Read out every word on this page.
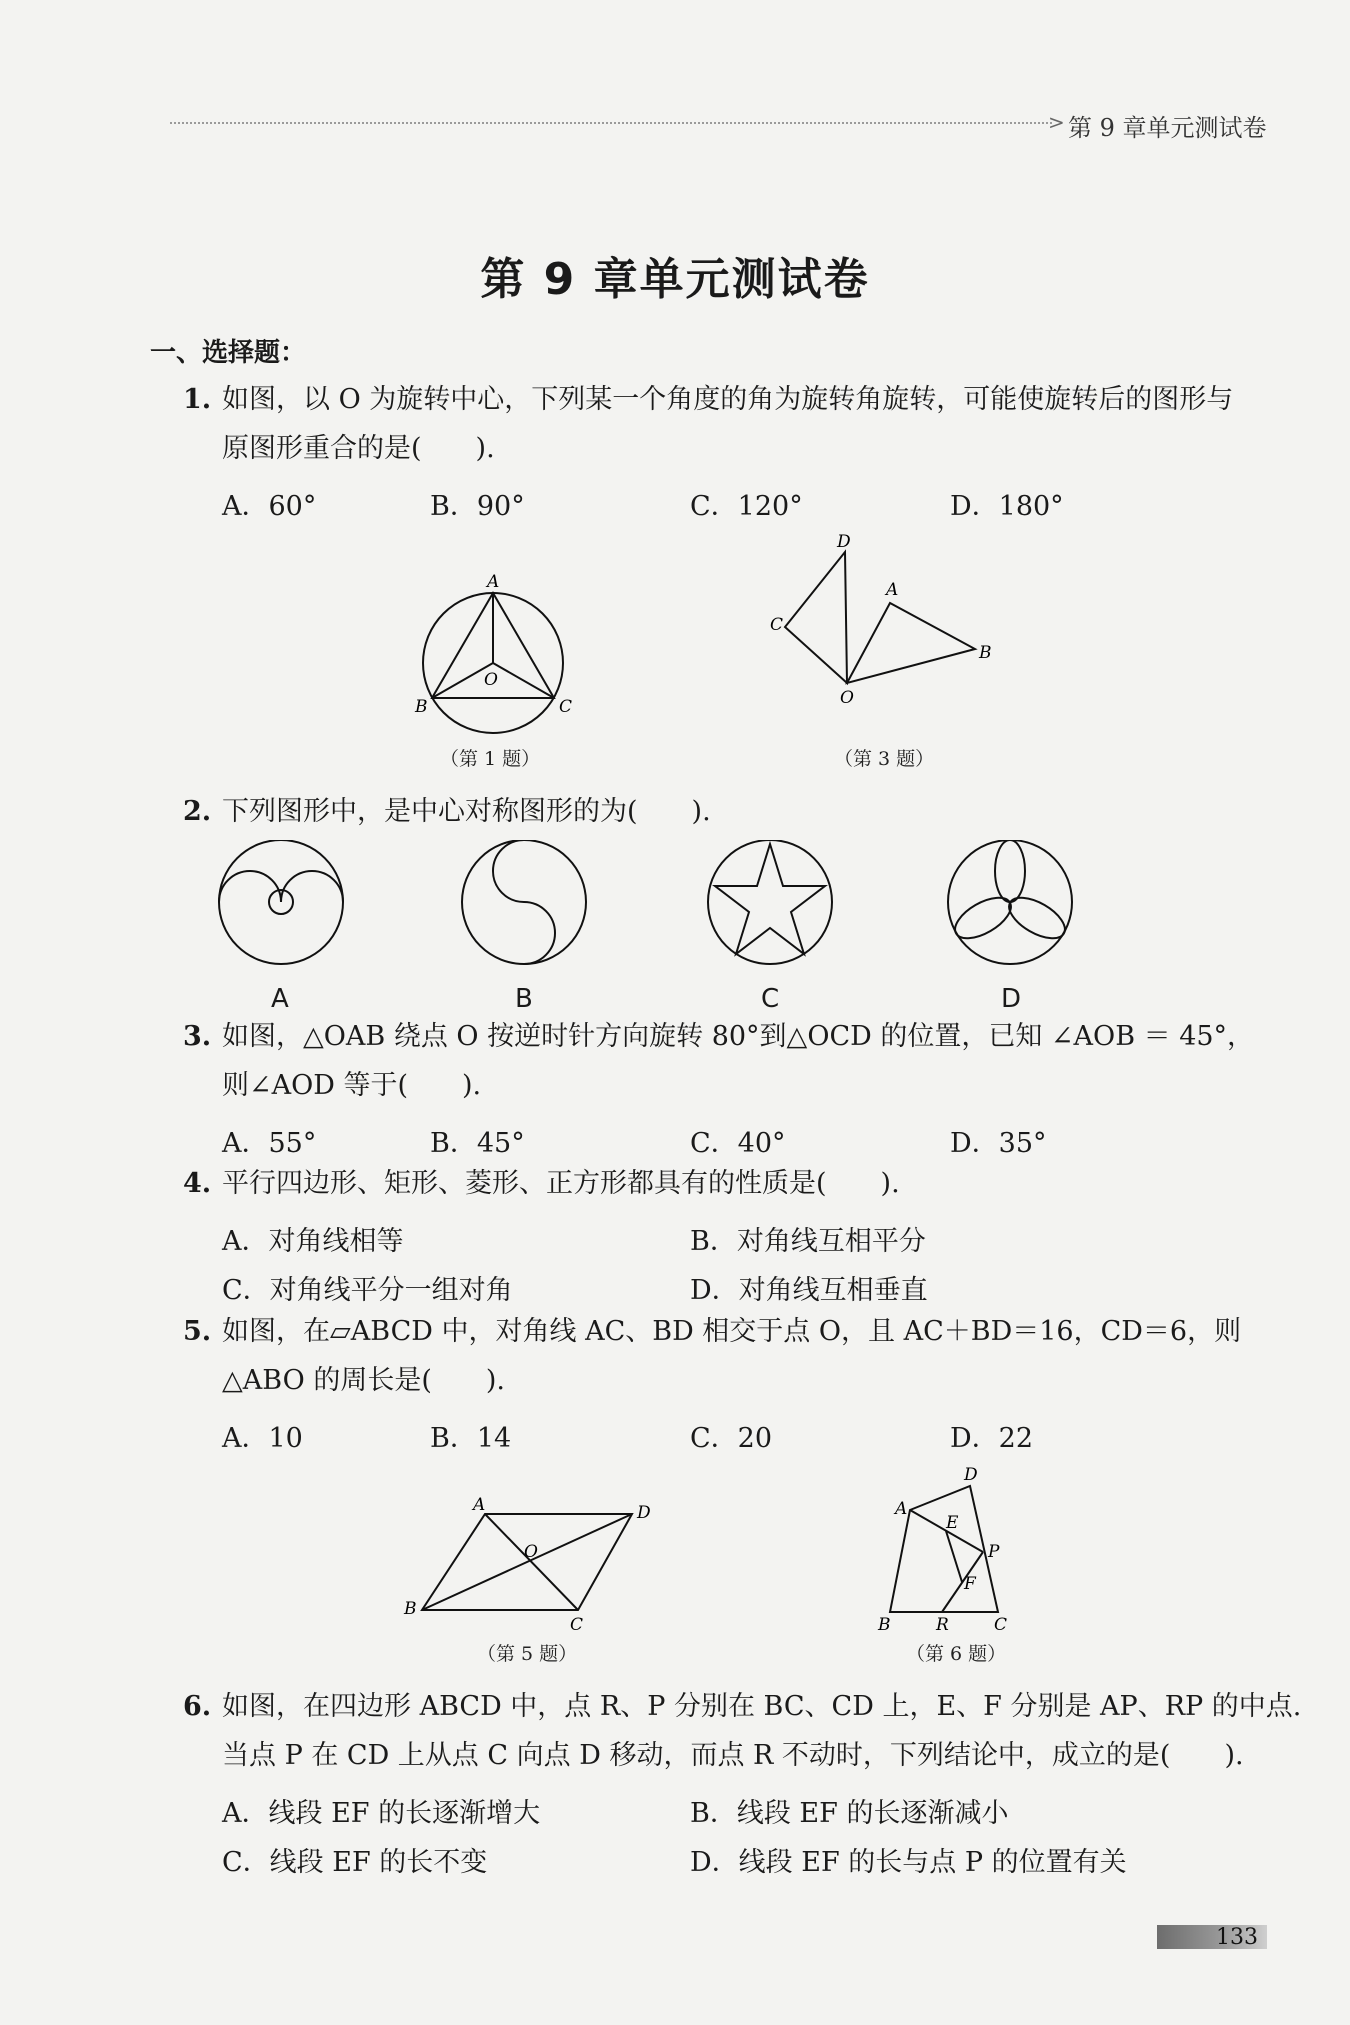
> 第 9 章单元测试卷
第 9 章单元测试卷
一、选择题：
1. 如图，以 O 为旋转中心，下列某一个角度的角为旋转角旋转，可能使旋转后的图形与
原图形重合的是(　　).
A．60°	B．90°	C．120°	D．180°
A
B	C
O
（第 1 题）
D
C
A
B
O
（第 3 题）
2. 下列图形中，是中心对称图形的为(　　).
A	B	C	D
3. 如图，△OAB 绕点 O 按逆时针方向旋转 80°到△OCD 的位置，已知 ∠AOB ＝ 45°，
则∠AOD 等于(　　).
A．55°	B．45°	C．40°	D．35°
4. 平行四边形、矩形、菱形、正方形都具有的性质是(　　).
A．对角线相等	B．对角线互相平分
C．对角线平分一组对角	D．对角线互相垂直
5. 如图，在▱ABCD 中，对角线 AC、BD 相交于点 O，且 AC＋BD＝16，CD＝6，则
△ABO 的周长是(　　).
A．10	B．14	C．20	D．22
A	D
B
C
O
（第 5 题）
D
A
E
P
F
B	R	C
（第 6 题）
6. 如图，在四边形 ABCD 中，点 R、P 分别在 BC、CD 上，E、F 分别是 AP、RP 的中点.
当点 P 在 CD 上从点 C 向点 D 移动，而点 R 不动时，下列结论中，成立的是(　　).
A．线段 EF 的长逐渐增大	B．线段 EF 的长逐渐减小
C．线段 EF 的长不变	D．线段 EF 的长与点 P 的位置有关
133
